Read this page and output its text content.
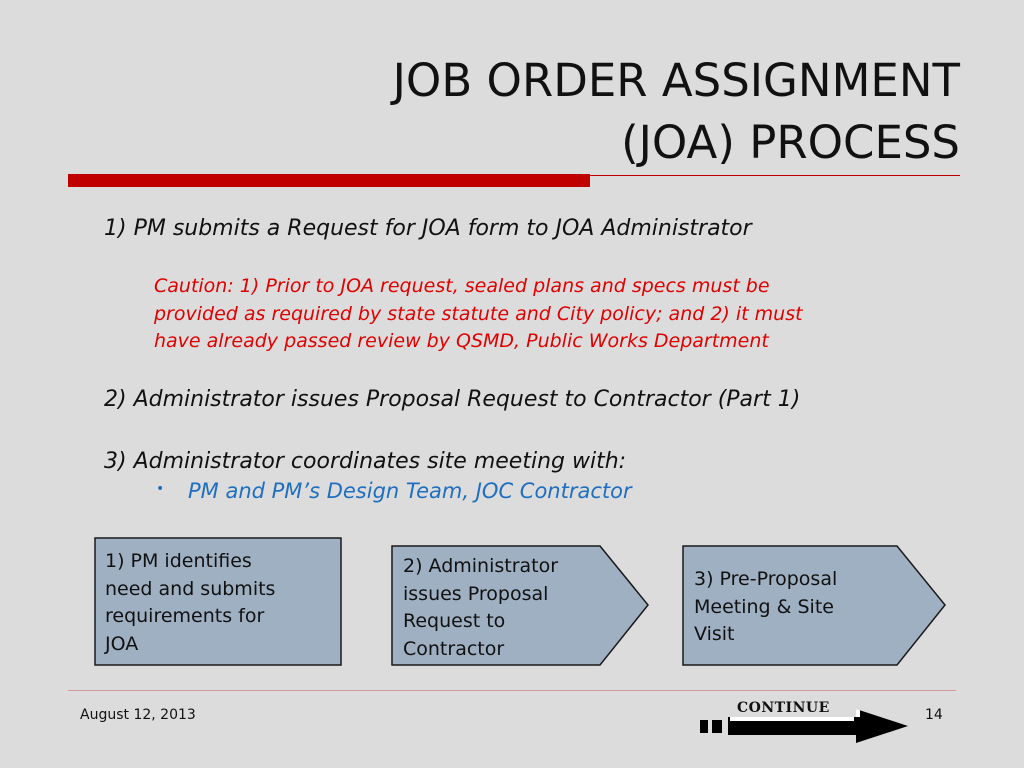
JOB ORDER ASSIGNMENT
(JOA) PROCESS
1) PM submits a Request for JOA form to JOA Administrator
Caution: 1) Prior to JOA request, sealed plans and specs must be
provided as required by state statute and City policy; and 2) it must
have already passed review by QSMD, Public Works Department
2) Administrator issues Proposal Request to Contractor (Part 1)
3) Administrator coordinates site meeting with:
• PM and PM’s Design Team, JOC Contractor
1) PM identifies
need and submits
requirements for
JOA
2) Administrator
issues Proposal
Request to
Contractor
3) Pre-Proposal
Meeting & Site
Visit
August 12, 2013	CONTINUE	14
